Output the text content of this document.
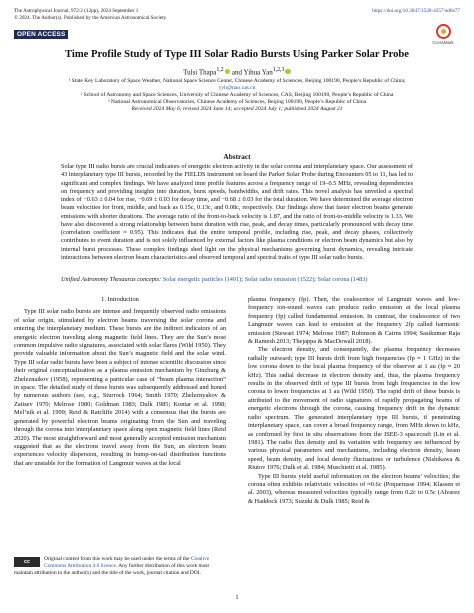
The Astrophysical Journal, 972:2 (12pp), 2024 September 1
© 2024. The Author(s). Published by the American Astronomical Society.
https://doi.org/10.3847/1538-4357/ad6e77
OPEN ACCESS
CrossMark
Time Profile Study of Type III Solar Radio Bursts Using Parker Solar Probe
Tulsi Thapa$^{1,2}$ and Yihua Yan$^{1,2,3}$
¹ State Key Laboratory of Space Weather, National Space Science Center, Chinese Academy of Sciences, Beijing 100190, People’s Republic of China;
yyh@nao.cas.cn
² School of Astronomy and Space Sciences, University of Chinese Academy of Sciences, CAS, Beijing 100190, People’s Republic of China
³ National Astronomical Observatories, Chinese Academy of Sciences, Beijing 100190, People’s Republic of China
Received 2024 May 6; revised 2024 June 14; accepted 2024 July 1; published 2024 August 21
Abstract
Solar type III radio bursts are crucial indicators of energetic electron activity in the solar corona and interplanetary space. Our assessment of 43 interplanetary type III bursts, recorded by the FIELDS instrument on board the Parker Solar Probe during Encounters 05 to 11, has led to significant and complex findings. We have analyzed time profile features across a frequency range of 19–0.5 MHz, revealing dependencies on frequency and providing insights into duration, burst speeds, bandwidths, and drift rates. This novel analysis has unveiled a spectral index of −0.63 ± 0.04 for rise, −0.69 ± 0.03 for decay time, and −0.68 ± 0.03 for the total duration. We have determined the average electron beam velocities for front, middle, and back as 0.15c, 0.13c, and 0.08c, respectively. Our findings show that faster electron beams generate emissions with shorter durations. The average ratio of the front-to-back velocity is 1.87, and the ratio of front-to-middle velocity is 1.33. We have also discovered a strong relationship between burst duration with rise, peak, and decay times, particularly pronounced with decay time (correlation coefficient ≈ 0.95). This indicates that the entire temporal profile, including rise, peak, and decay phases, collectively contributes to event duration and is not solely influenced by external factors like plasma conditions or electron beam dynamics but also by internal burst processes. These complex findings shed light on the physical mechanisms governing burst dynamics, revealing intricate interactions between electron beam characteristics and observed temporal and spectral traits of type III solar radio bursts.
Unified Astronomy Thesaurus concepts: Solar energetic particles (1491); Solar radio emission (1522); Solar corona (1483)
1. Introduction

Type III solar radio bursts are intense and frequently observed radio emissions of solar origin, stimulated by electron beams traversing the solar corona and entering the interplanetary medium. These bursts are the indirect indicators of an energetic electron traveling along magnetic field lines. They are the Sun’s most common impulsive radio signatures, associated with solar flares (Wild 1950). They provide valuable information about the Sun’s magnetic field and the solar wind. Type III solar radio bursts have been a subject of intense scientific discussion since their original conceptualization as a plasma emission mechanism by Ginzburg & Zheleznaikov (1958), representing a particular case of “beam plasma interaction” in space. The detailed study of these bursts was subsequently addressed and honed by numerous authors (see, e.g., Sturrock 1964; Smith 1970; Zheleznyakov & Zaitsev 1970; Melrose 1980; Goldman 1983; Dulk 1985; Kontar et al. 1998; Mel’nik et al. 1999; Reid & Ratcliffe 2014) with a consensus that the bursts are generated by powerful electron beams originating from the Sun and traveling through the corona into interplanetary space along open magnetic field lines (Reid 2020). The most straightforward and most generally accepted emission mechanism suggested that as the electrons travel away from the Sun, an electron beam experiences velocity dispersion, resulting in bump-on-tail distribution functions that are unstable for the formation of Langmuir waves at the local

plasma frequency (fp). Then, the coalescence of Langmuir waves and low-frequency ion-sound waves can produce radio emission at the local plasma frequency (fp) called fundamental emission. In contrast, the coalescence of two Langmuir waves can lead to emission at the frequency 2fp called harmonic emission (Stewart 1974; Melrose 1987; Robinson & Cairns 1994; Sasikumar Raja & Ramesh 2013; Thejappa & MacDowall 2018).

The electron density, and consequently, the plasma frequency decreases radially outward; type III bursts drift from high frequencies (fp ≈ 1 GHz) in the low corona down to the local plasma frequency of the observer at 1 au (fp ≈ 20 kHz). This radial decrease in electron density and, thus, the plasma frequency results in the observed drift of type III bursts from high frequencies in the low corona to lower frequencies at 1 au (Wild 1950). The rapid drift of these bursts is attributed to the movement of radio signatures of rapidly propagating beams of energetic electrons through the corona, causing frequency drift in the dynamic radio spectrum. The generated interplanetary type III bursts, if penetrating interplanetary space, can cover a broad frequency range, from MHz down to kHz, as confirmed by first in situ observations from the ISEE-3 spacecraft (Lin et al. 1981). The radio flux density and its variation with frequency are influenced by various physical parameters and mechanisms, including electron density, beam speed, beam density, and local density fluctuations or turbulence (Nishikawa & Riutov 1976; Dulk et al. 1984; Muschietti et al. 1985).

Type III bursts yield useful information on the electron beams’ velocities; the corona often exhibits relativistic velocities of ≈0.6c (Poquerusse 1994; Klassen et al. 2003), whereas measured velocities typically range from 0.2c to 0.5c (Alvarez & Haddock 1973; Suzuki & Dulk 1985; Reid &

cc	Original content from this work may be used under the terms of the Creative Commons Attribution 4.0 licence. Any further distribution of this work must maintain attribution to the author(s) and the title of the work, journal citation and DOI.
1
